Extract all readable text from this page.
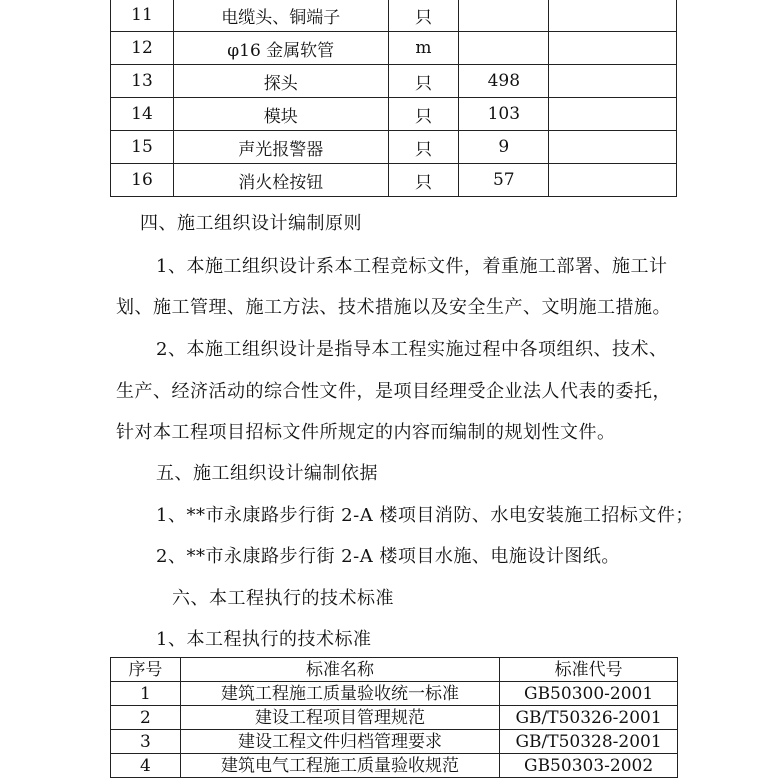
11	电缆头、铜端子	只		
12	φ16 金属软管	m		
13	探头	只	498	
14	模块	只	103	
15	声光报警器	只	9	
16	消火栓按钮	只	57	
四、施工组织设计编制原则
1、本施工组织设计系本工程竞标文件，着重施工部署、施工计
划、施工管理、施工方法、技术措施以及安全生产、文明施工措施。
2、本施工组织设计是指导本工程实施过程中各项组织、技术、
生产、经济活动的综合性文件，是项目经理受企业法人代表的委托，
针对本工程项目招标文件所规定的内容而编制的规划性文件。
五、施工组织设计编制依据
1、**市永康路步行街 2-A 楼项目消防、水电安装施工招标文件；
2、**市永康路步行街 2-A 楼项目水施、电施设计图纸。
六、本工程执行的技术标准
1、本工程执行的技术标准
序号	标准名称	标准代号
1	建筑工程施工质量验收统一标准	GB50300-2001
2	建设工程项目管理规范	GB/T50326-2001
3	建设工程文件归档管理要求	GB/T50328-2001
4	建筑电气工程施工质量验收规范	GB50303-2002
